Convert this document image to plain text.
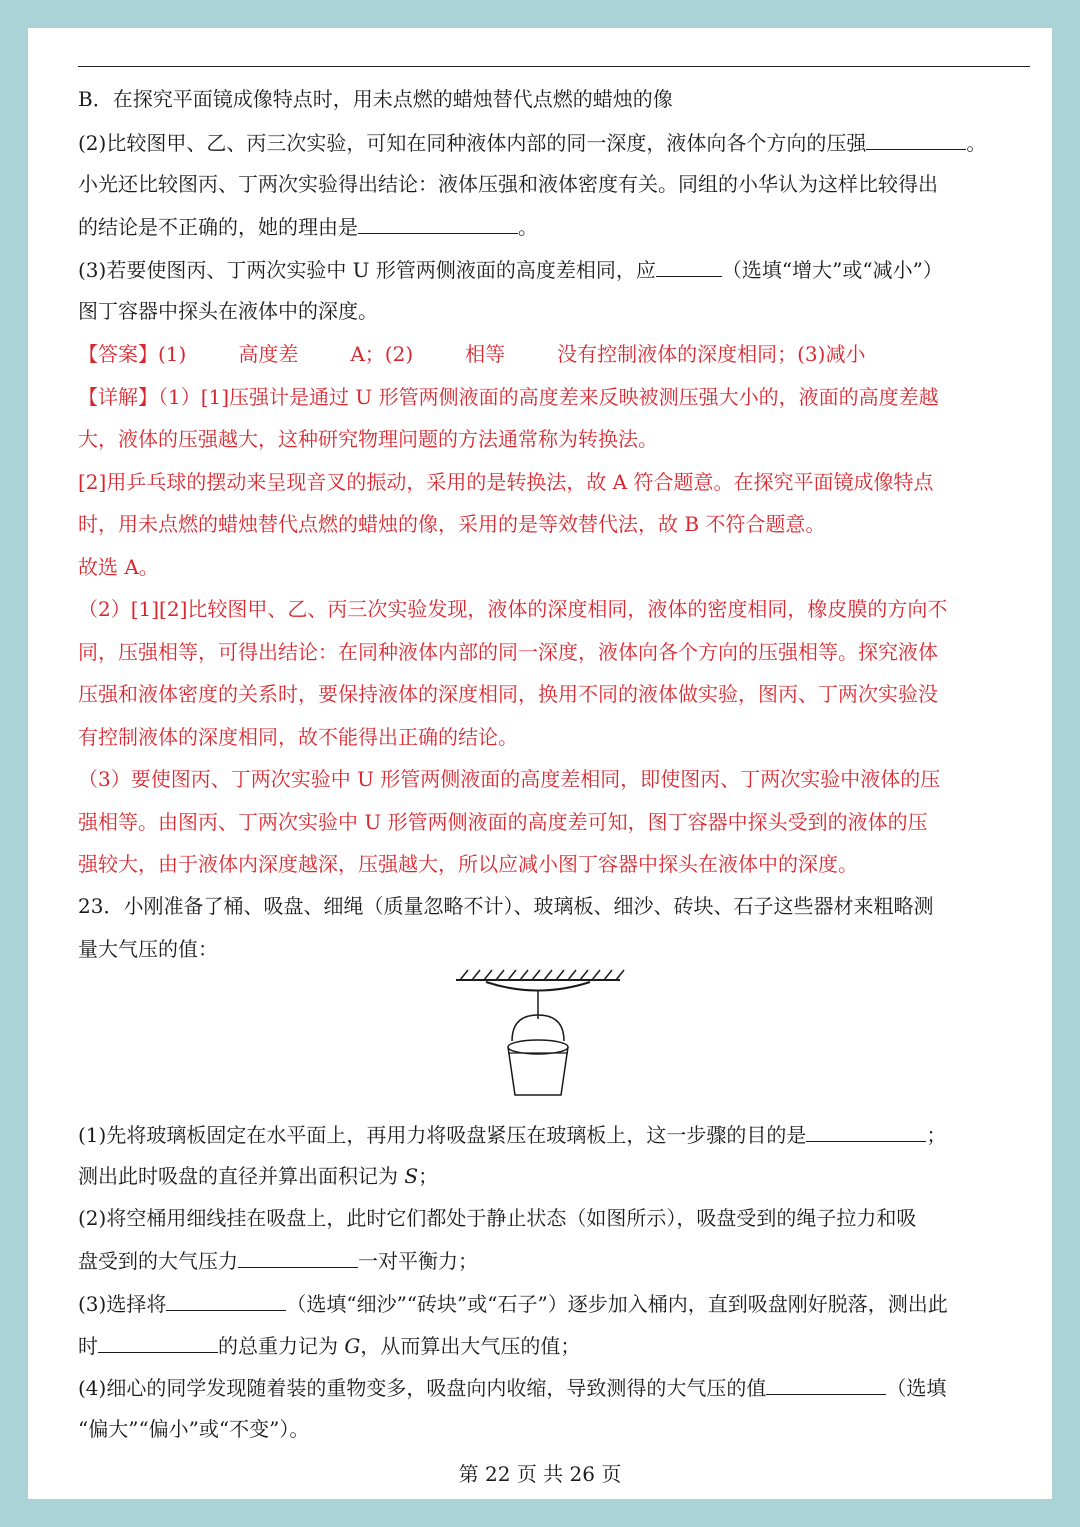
B．在探究平面镜成像特点时，用未点燃的蜡烛替代点燃的蜡烛的像
(2)比较图甲、乙、丙三次实验，可知在同种液体内部的同一深度，液体向各个方向的压强	。
小光还比较图丙、丁两次实验得出结论：液体压强和液体密度有关。同组的小华认为这样比较得出
的结论是不正确的，她的理由是	。
(3)若要使图丙、丁两次实验中 U 形管两侧液面的高度差相同，应	（选填“增大”或“减小”）
图丁容器中探头在液体中的深度。
【答案】(1)	高度差	A；(2)	相等	没有控制液体的深度相同；(3)减小
【详解】（1）[1]压强计是通过 U 形管两侧液面的高度差来反映被测压强大小的，液面的高度差越
大，液体的压强越大，这种研究物理问题的方法通常称为转换法。
[2]用乒乓球的摆动来呈现音叉的振动，采用的是转换法，故 A 符合题意。在探究平面镜成像特点
时，用未点燃的蜡烛替代点燃的蜡烛的像，采用的是等效替代法，故 B 不符合题意。
故选 A。
（2）[1][2]比较图甲、乙、丙三次实验发现，液体的深度相同，液体的密度相同，橡皮膜的方向不
同，压强相等，可得出结论：在同种液体内部的同一深度，液体向各个方向的压强相等。探究液体
压强和液体密度的关系时，要保持液体的深度相同，换用不同的液体做实验，图丙、丁两次实验没
有控制液体的深度相同，故不能得出正确的结论。
（3）要使图丙、丁两次实验中 U 形管两侧液面的高度差相同，即使图丙、丁两次实验中液体的压
强相等。由图丙、丁两次实验中 U 形管两侧液面的高度差可知，图丁容器中探头受到的液体的压
强较大，由于液体内深度越深，压强越大，所以应减小图丁容器中探头在液体中的深度。
23．小刚准备了桶、吸盘、细绳（质量忽略不计）、玻璃板、细沙、砖块、石子这些器材来粗略测
量大气压的值：
(1)先将玻璃板固定在水平面上，再用力将吸盘紧压在玻璃板上，这一步骤的目的是	；
测出此时吸盘的直径并算出面积记为 S；
(2)将空桶用细线挂在吸盘上，此时它们都处于静止状态（如图所示），吸盘受到的绳子拉力和吸
盘受到的大气压力	一对平衡力；
(3)选择将	（选填“细沙”“砖块”或“石子”）逐步加入桶内，直到吸盘刚好脱落，测出此
时	的总重力记为 G，从而算出大气压的值；
(4)细心的同学发现随着装的重物变多，吸盘向内收缩，导致测得的大气压的值	（选填
“偏大”“偏小”或“不变”）。
第 22 页 共 26 页
